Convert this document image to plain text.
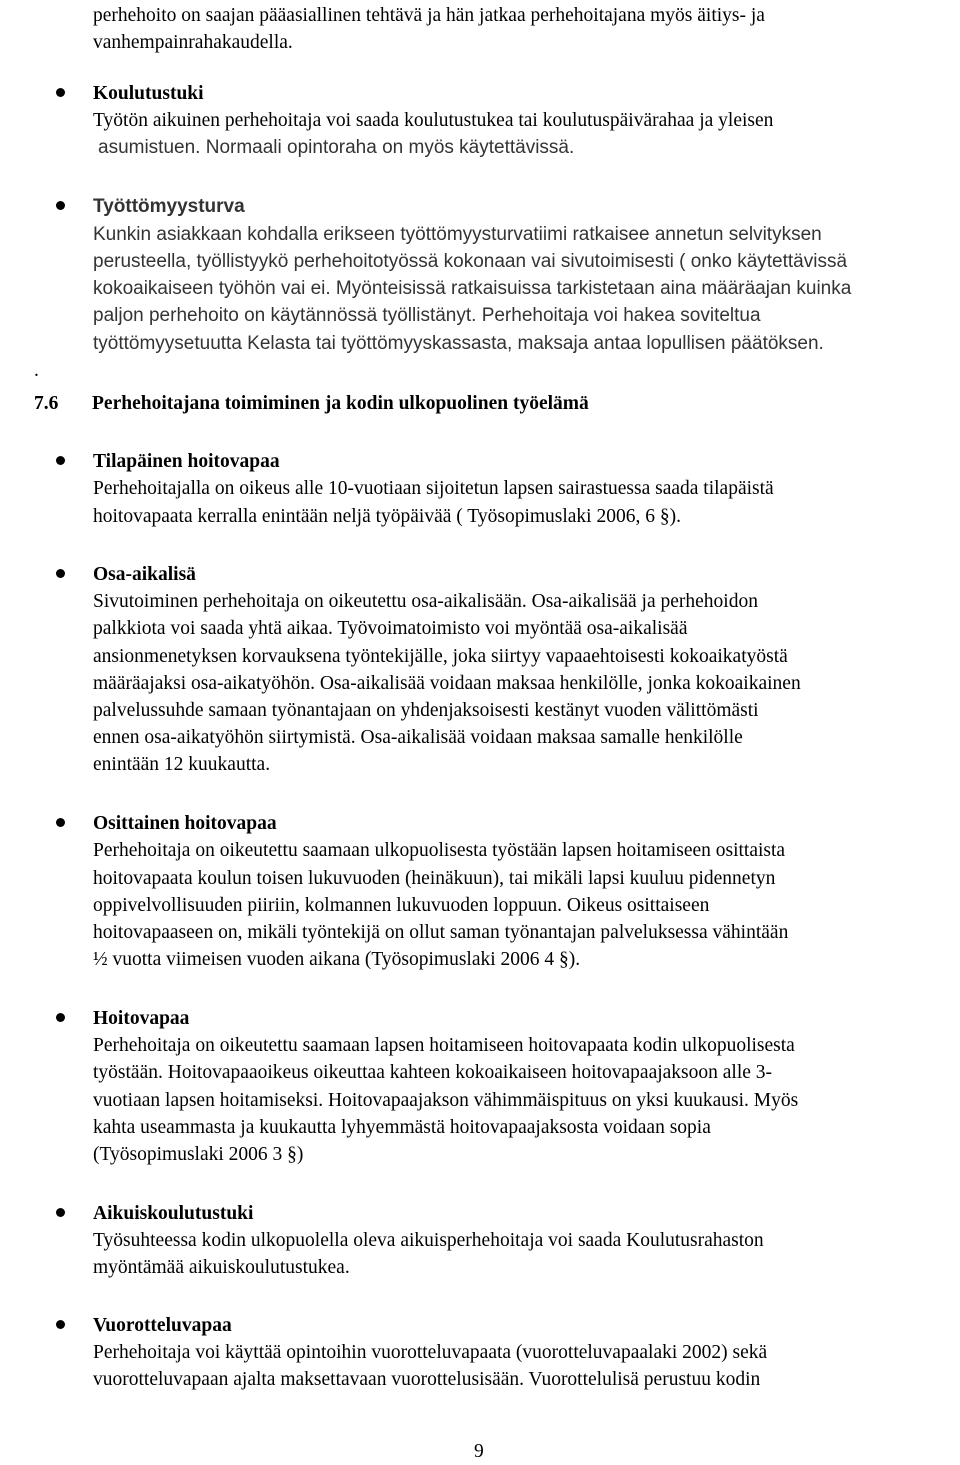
perhehoito on saajan pääasiallinen tehtävä ja hän jatkaa perhehoitajana myös äitiys- ja
vanhempainrahakaudella.
Koulutustuki
Työtön aikuinen perhehoitaja voi saada koulutustukea tai koulutuspäivärahaa ja yleisen
asumistuen. Normaali opintoraha on myös käytettävissä.
Työttömyysturva
Kunkin asiakkaan kohdalla erikseen työttömyysturvatiimi ratkaisee annetun selvityksen
perusteella, työllistyykö perhehoitotyössä kokonaan vai sivutoimisesti ( onko käytettävissä
kokoaikaiseen työhön vai ei. Myönteisissä ratkaisuissa tarkistetaan aina määräajan kuinka
paljon perhehoito on käytännössä työllistänyt. Perhehoitaja voi hakea soviteltua
työttömyysetuutta Kelasta tai työttömyyskassasta, maksaja antaa lopullisen päätöksen.
.
7.6 Perhehoitajana toimiminen ja kodin ulkopuolinen työelämä
Tilapäinen hoitovapaa
Perhehoitajalla on oikeus alle 10-vuotiaan sijoitetun lapsen sairastuessa saada tilapäistä
hoitovapaata kerralla enintään neljä työpäivää ( Työsopimuslaki 2006, 6 §).
Osa-aikalisä
Sivutoiminen perhehoitaja on oikeutettu osa-aikalisään. Osa-aikalisää ja perhehoidon
palkkiota voi saada yhtä aikaa. Työvoimatoimisto voi myöntää osa-aikalisää
ansionmenetyksen korvauksena työntekijälle, joka siirtyy vapaaehtoisesti kokoaikatyöstä
määräajaksi osa-aikatyöhön. Osa-aikalisää voidaan maksaa henkilölle, jonka kokoaikainen
palvelussuhde samaan työnantajaan on yhdenjaksoisesti kestänyt vuoden välittömästi
ennen osa-aikatyöhön siirtymistä. Osa-aikalisää voidaan maksaa samalle henkilölle
enintään 12 kuukautta.
Osittainen hoitovapaa
Perhehoitaja on oikeutettu saamaan ulkopuolisesta työstään lapsen hoitamiseen osittaista
hoitovapaata koulun toisen lukuvuoden (heinäkuun), tai mikäli lapsi kuuluu pidennetyn
oppivelvollisuuden piiriin, kolmannen lukuvuoden loppuun. Oikeus osittaiseen
hoitovapaaseen on, mikäli työntekijä on ollut saman työnantajan palveluksessa vähintään
½ vuotta viimeisen vuoden aikana (Työsopimuslaki 2006 4 §).
Hoitovapaa
Perhehoitaja on oikeutettu saamaan lapsen hoitamiseen hoitovapaata kodin ulkopuolisesta
työstään. Hoitovapaaoikeus oikeuttaa kahteen kokoaikaiseen hoitovapaajaksoon alle 3-
vuotiaan lapsen hoitamiseksi. Hoitovapaajakson vähimmäispituus on yksi kuukausi. Myös
kahta useammasta ja kuukautta lyhyemmästä hoitovapaajaksosta voidaan sopia
(Työsopimuslaki 2006 3 §)
Aikuiskoulutustuki
Työsuhteessa kodin ulkopuolella oleva aikuisperhehoitaja voi saada Koulutusrahaston
myöntämää aikuiskoulutustukea.
Vuorotteluvapaa
Perhehoitaja voi käyttää opintoihin vuorotteluvapaata (vuorotteluvapaalaki 2002) sekä
vuorotteluvapaan ajalta maksettavaan vuorottelusisään. Vuorottelulisä perustuu kodin
9
